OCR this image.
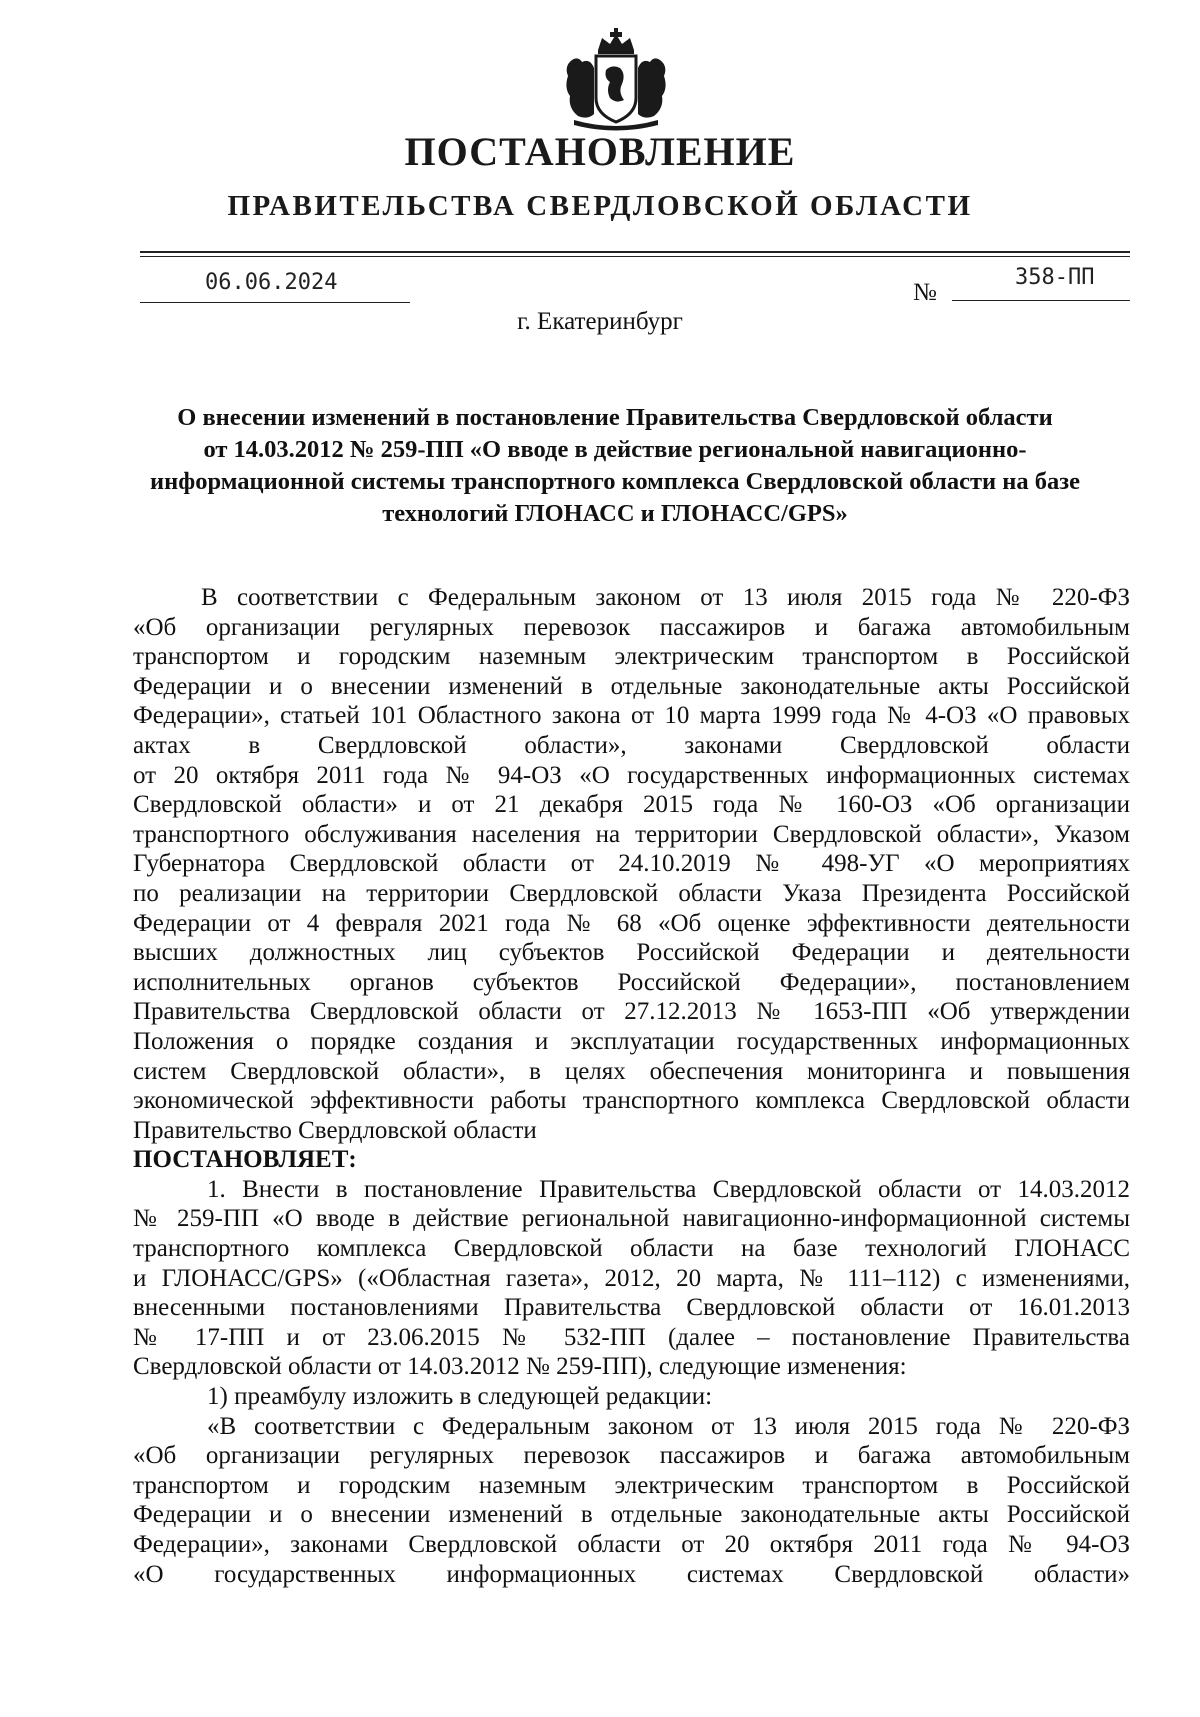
ПОСТАНОВЛЕНИЕ
ПРАВИТЕЛЬСТВА СВЕРДЛОВСКОЙ ОБЛАСТИ
06.06.2024	№
358-ПП
г. Екатеринбург
О внесении изменений в постановление Правительства Свердловской области
от 14.03.2012 № 259-ПП «О вводе в действие региональной навигационно-
информационной системы транспортного комплекса Свердловской области на базе
технологий ГЛОНАСС и ГЛОНАСС/GPS»

В соответствии с Федеральным законом от 13 июля 2015 года № 220-ФЗ

«Об организации регулярных перевозок пассажиров и багажа автомобильным

транспортом и городским наземным электрическим транспортом в Российской

Федерации и о внесении изменений в отдельные законодательные акты Российской

Федерации», статьей 101 Областного закона от 10 марта 1999 года № 4-ОЗ «О правовых

актах в Свердловской области», законами Свердловской области

от 20 октября 2011 года № 94-ОЗ «О государственных информационных системах

Свердловской области» и от 21 декабря 2015 года № 160-ОЗ «Об организации

транспортного обслуживания населения на территории Свердловской области», Указом

Губернатора Свердловской области от 24.10.2019 № 498-УГ «О мероприятиях

по реализации на территории Свердловской области Указа Президента Российской

Федерации от 4 февраля 2021 года № 68 «Об оценке эффективности деятельности

высших должностных лиц субъектов Российской Федерации и деятельности

исполнительных органов субъектов Российской Федерации», постановлением

Правительства Свердловской области от 27.12.2013 № 1653-ПП «Об утверждении

Положения о порядке создания и эксплуатации государственных информационных

систем Свердловской области», в целях обеспечения мониторинга и повышения

экономической эффективности работы транспортного комплекса Свердловской области

Правительство Свердловской области

ПОСТАНОВЛЯЕТ:

1. Внести в постановление Правительства Свердловской области от 14.03.2012

№ 259-ПП «О вводе в действие региональной навигационно-информационной системы

транспортного комплекса Свердловской области на базе технологий ГЛОНАСС

и ГЛОНАСС/GPS» («Областная газета», 2012, 20 марта, № 111–112) с изменениями,

внесенными постановлениями Правительства Свердловской области от 16.01.2013

№ 17-ПП и от 23.06.2015 № 532-ПП (далее – постановление Правительства

Свердловской области от 14.03.2012 № 259-ПП), следующие изменения:

1) преамбулу изложить в следующей редакции:

«В соответствии с Федеральным законом от 13 июля 2015 года № 220-ФЗ

«Об организации регулярных перевозок пассажиров и багажа автомобильным

транспортом и городским наземным электрическим транспортом в Российской

Федерации и о внесении изменений в отдельные законодательные акты Российской

Федерации», законами Свердловской области от 20 октября 2011 года № 94-ОЗ

«О государственных информационных системах Свердловской области»
